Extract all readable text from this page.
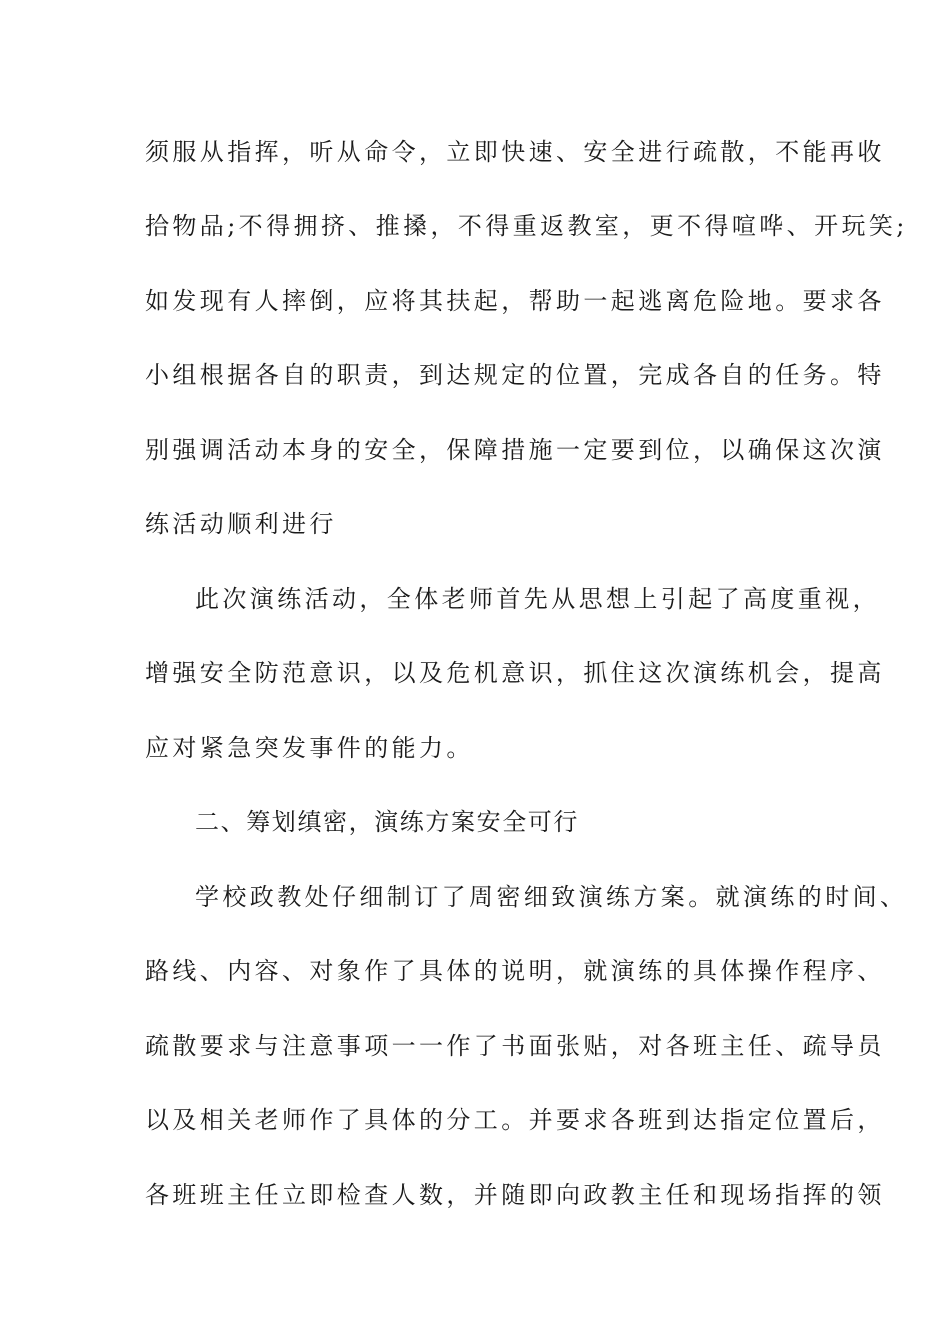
须服从指挥，听从命令，立即快速、安全进行疏散，不能再收
拾物品;不得拥挤、推搡，不得重返教室，更不得喧哗、开玩笑;
如发现有人摔倒，应将其扶起，帮助一起逃离危险地。要求各
小组根据各自的职责，到达规定的位置，完成各自的任务。特
别强调活动本身的安全，保障措施一定要到位，以确保这次演
练活动顺利进行
此次演练活动，全体老师首先从思想上引起了高度重视，
增强安全防范意识，以及危机意识，抓住这次演练机会，提高
应对紧急突发事件的能力。
二、筹划缜密，演练方案安全可行
学校政教处仔细制订了周密细致演练方案。就演练的时间、
路线、内容、对象作了具体的说明，就演练的具体操作程序、
疏散要求与注意事项一一作了书面张贴，对各班主任、疏导员
以及相关老师作了具体的分工。并要求各班到达指定位置后，
各班班主任立即检查人数，并随即向政教主任和现场指挥的领
